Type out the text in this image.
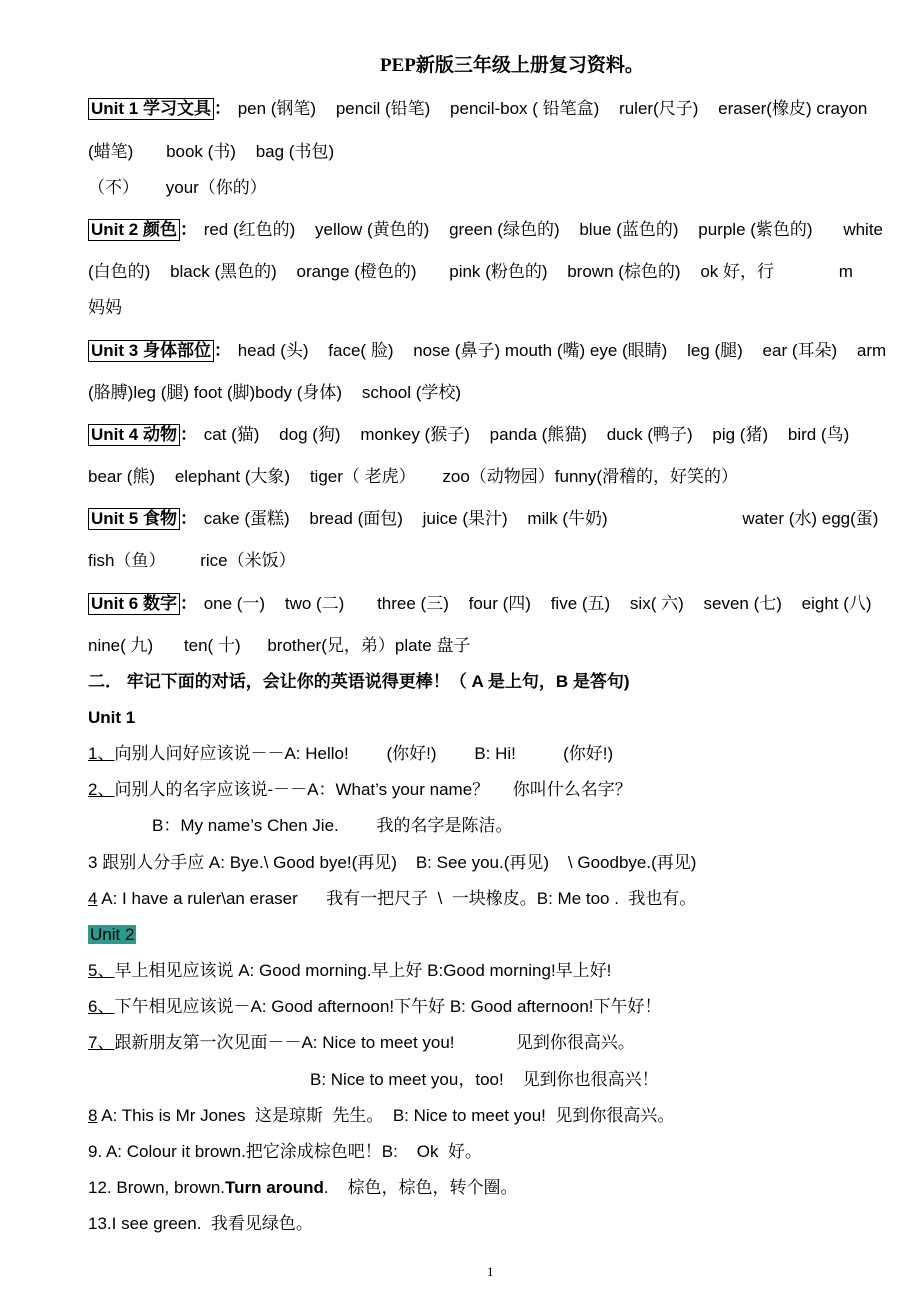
PEP新版三年级上册复习资料。
Unit 1 学习文具 ： pen (钢笔) pencil (铅笔) pencil-box ( 铅笔盒) ruler(尺子) eraser(橡皮) crayon
(蜡笔) book (书) bag (书包)
（不） your（你的）
Unit 2 颜色 ： red (红色的) yellow (黄色的) green (绿色的) blue (蓝色的) purple (紫色的) white
(白色的) black (黑色的) orange (橙色的) pink (粉色的) brown (棕色的) ok 好，行	m
妈妈
Unit 3 身体部位 ： head (头) face( 脸) nose (鼻子) mouth (嘴) eye (眼睛) leg (腿) ear (耳朵) arm
(胳膊)leg (腿) foot (脚)body (身体) school (学校)
Unit 4 动物 ： cat (猫) dog (狗) monkey (猴子) panda (熊猫) duck (鸭子) pig (猪) bird (鸟)
bear (熊) elephant (大象) tiger（ 老虎） zoo（动物园）funny(滑稽的，好笑的）
Unit 5 食物 ： cake (蛋糕) bread (面包) juice (果汁) milk (牛奶)	water (水) egg(蛋)
fish（鱼） rice（米饭）
Unit 6 数字 ： one (一) two (二) three (三) four (四) five (五) six( 六) seven (七) eight (八)
nine( 九) ten( 十) brother(兄，弟）plate 盘子
二． 牢记下面的对话，会让你的英语说得更棒！（ A 是上句，B 是答句)
Unit 1
1、向别人问好应该说－－A: Hello!        (你好!)        B: Hi!          (你好!)
2、问别人的名字应该说-－－A：What’s your name？     你叫什么名字？
B：My name’s Chen Jie.        我的名字是陈洁。
3 跟别人分手应 A: Bye.\ Good bye!(再见)    B: See you.(再见)    \ Goodbye.(再见)
4 A: I have a ruler\an eraser      我有一把尺子  \  一块橡皮。B: Me too .  我也有。
Unit 2
5、早上相见应该说 A: Good morning.早上好 B:Good morning!早上好!
6、下午相见应该说－A: Good afternoon!下午好 B: Good afternoon!下午好！
7、跟新朋友第一次见面－－A: Nice to meet you!             见到你很高兴。
B: Nice to meet you，too!    见到你也很高兴！
8 A: This is Mr Jones  这是琼斯  先生。  B: Nice to meet you!  见到你很高兴。
9. A: Colour it brown.把它涂成棕色吧！B:    Ok  好。
12. Brown, brown.Turn around.    棕色，棕色，转个圈。
13.I see green.  我看见绿色。
1
